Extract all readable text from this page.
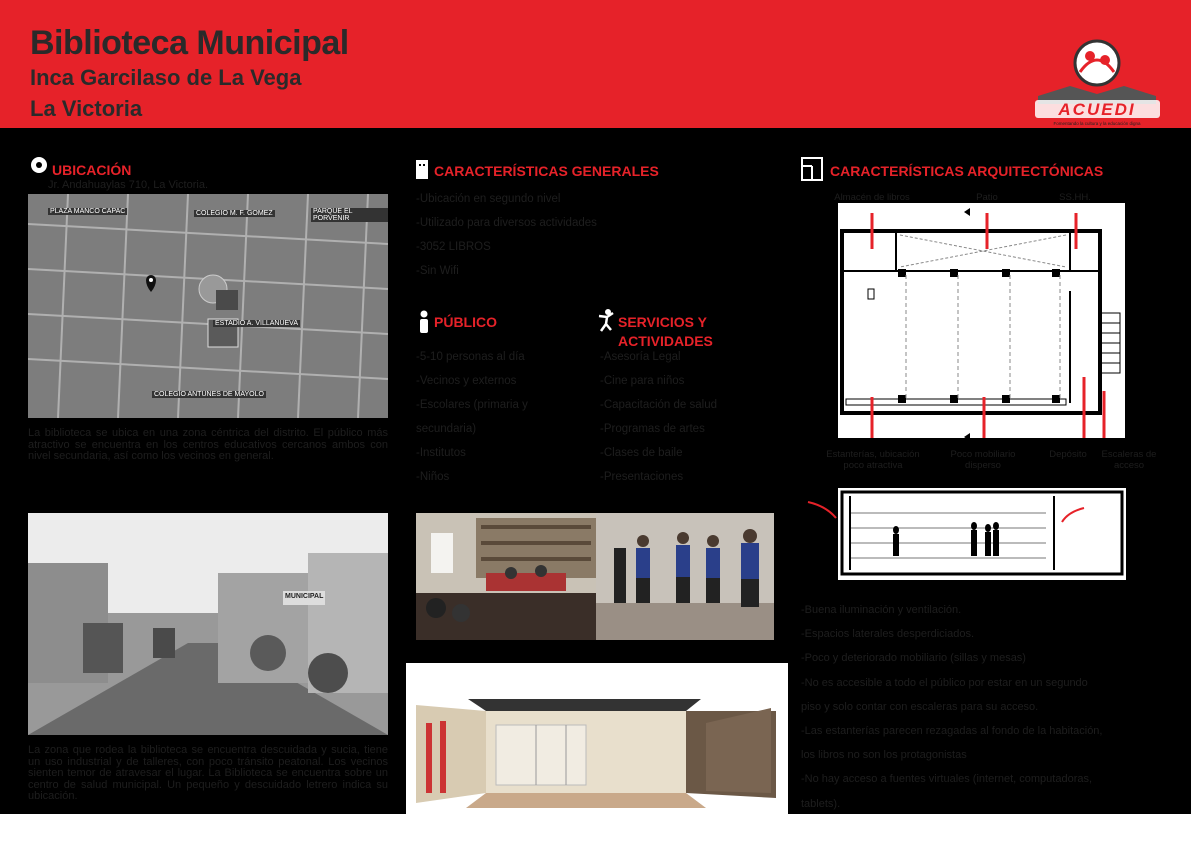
Biblioteca Municipal
Inca Garcilaso de La Vega
La Victoria	ACUEDI
Fomentando la cultura y la educación digna
UBICACIÓN
Jr. Andahuaylas 710, La Victoria.
PLAZA MANCO CAPAC	COLEGIO M. F. GOMEZ	PARQUE EL PORVENIR
ESTADIO A. VILLANUEVA
COLEGIO ANTUNES DE MAYOLO
La biblioteca se ubica en una zona céntrica del distrito. El público más atractivo se encuentra en los centros educativos cercanos ambos con nivel secundaria, así como los vecinos en general.
MUNICIPAL
La zona que rodea la biblioteca se encuentra descuidada y sucia, tiene un uso industrial y de talleres, con poco tránsito peatonal. Los vecinos sienten temor de atravesar el lugar. La Biblioteca se encuentra sobre un centro de salud municipal. Un pequeño y descuidado letrero indica su ubicación.
CARACTERÍSTICAS GENERALES
-Ubicación en segundo nivel
-Utilizado para diversos actividades
-3052 LIBROS
-Sin Wifi
PÚBLICO
-5-10 personas al día
-Vecinos y externos
-Escolares (primaria y
secundaria)
-Institutos
-Niños
SERVICIOS Y
ACTIVIDADES
-Asesoría Legal
-Cine para niños
-Capacitación de salud
-Programas de artes
-Clases de baile
-Presentaciones
CARACTERÍSTICAS ARQUITECTÓNICAS
Almacén de libros	Patio	SS.HH.
Estanterías, ubicación poco atractiva
Poco mobiliario disperso
Depósito	Escaleras de acceso
-Buena iluminación y ventilación.
-Espacios laterales desperdiciados.
-Poco y deteriorado mobiliario (sillas y mesas)
-No es accesible a todo el público por estar en un segundo
piso y solo contar con escaleras para su acceso.
-Las estanterías parecen rezagadas al fondo de la habitación,
los libros no son los protagonistas
-No hay acceso a fuentes virtuales (internet, computadoras,
tablets).
